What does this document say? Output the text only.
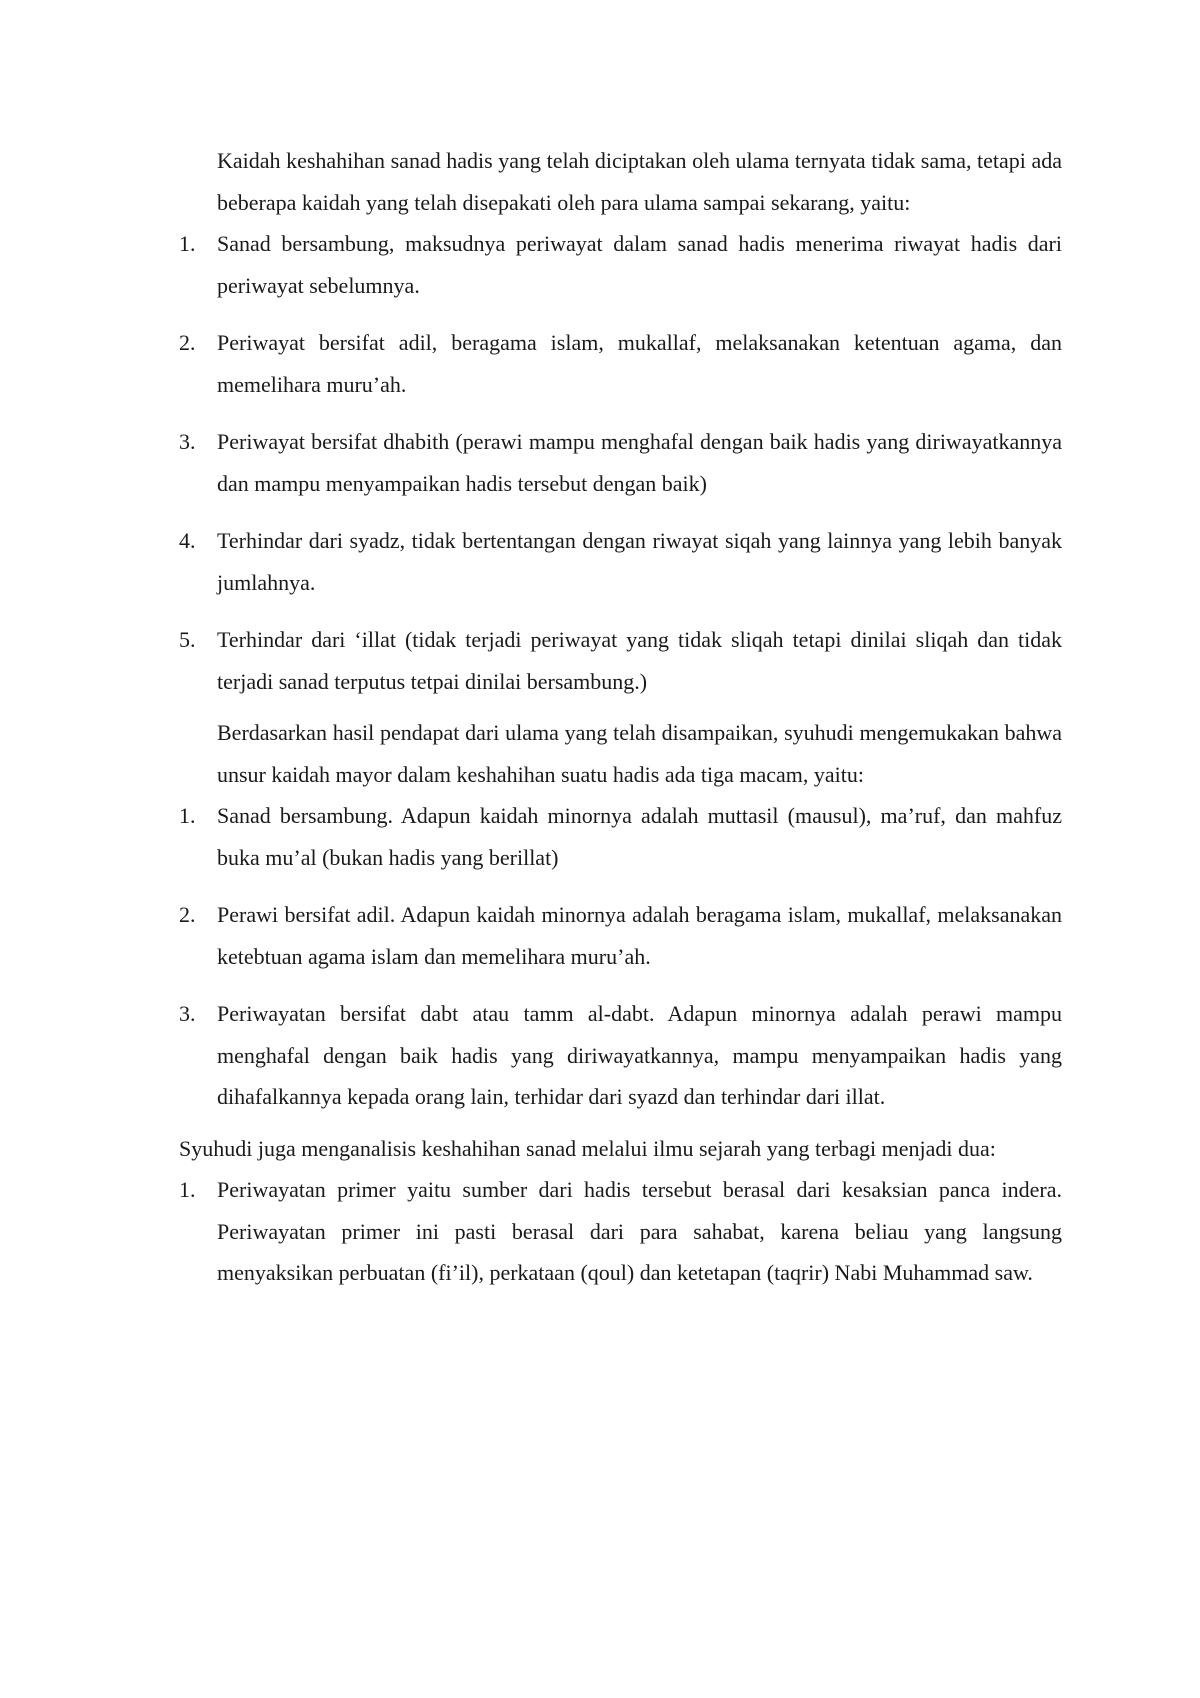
Kaidah keshahihan sanad hadis yang telah diciptakan oleh ulama ternyata tidak sama, tetapi ada beberapa kaidah yang telah disepakati oleh para ulama sampai sekarang, yaitu:

1. Sanad bersambung, maksudnya periwayat dalam sanad hadis menerima riwayat hadis dari periwayat sebelumnya.
2. Periwayat bersifat adil, beragama islam, mukallaf, melaksanakan ketentuan agama, dan memelihara muru’ah.
3. Periwayat bersifat dhabith (perawi mampu menghafal dengan baik hadis yang diriwayatkannya dan mampu menyampaikan hadis tersebut dengan baik)
4. Terhindar dari syadz, tidak bertentangan dengan riwayat siqah yang lainnya yang lebih banyak jumlahnya.
5. Terhindar dari ‘illat (tidak terjadi periwayat yang tidak sliqah tetapi dinilai sliqah dan tidak terjadi sanad terputus tetpai dinilai bersambung.)

Berdasarkan hasil pendapat dari ulama yang telah disampaikan, syuhudi mengemukakan bahwa unsur kaidah mayor dalam keshahihan suatu hadis ada tiga macam, yaitu:

1. Sanad bersambung. Adapun kaidah minornya adalah muttasil (mausul), ma’ruf, dan mahfuz buka mu’al (bukan hadis yang berillat)
2. Perawi bersifat adil. Adapun kaidah minornya adalah beragama islam, mukallaf, melaksanakan ketebtuan agama islam dan memelihara muru’ah.
3. Periwayatan bersifat dabt atau tamm al-dabt. Adapun minornya adalah perawi mampu menghafal dengan baik hadis yang diriwayatkannya, mampu menyampaikan hadis yang dihafalkannya kepada orang lain, terhidar dari syazd dan terhindar dari illat.

Syuhudi juga menganalisis keshahihan sanad melalui ilmu sejarah yang terbagi menjadi dua:

1. Periwayatan primer yaitu sumber dari hadis tersebut berasal dari kesaksian panca indera. Periwayatan primer ini pasti berasal dari para sahabat, karena beliau yang langsung menyaksikan perbuatan (fi’il), perkataan (qoul) dan ketetapan (taqrir) Nabi Muhammad saw.
